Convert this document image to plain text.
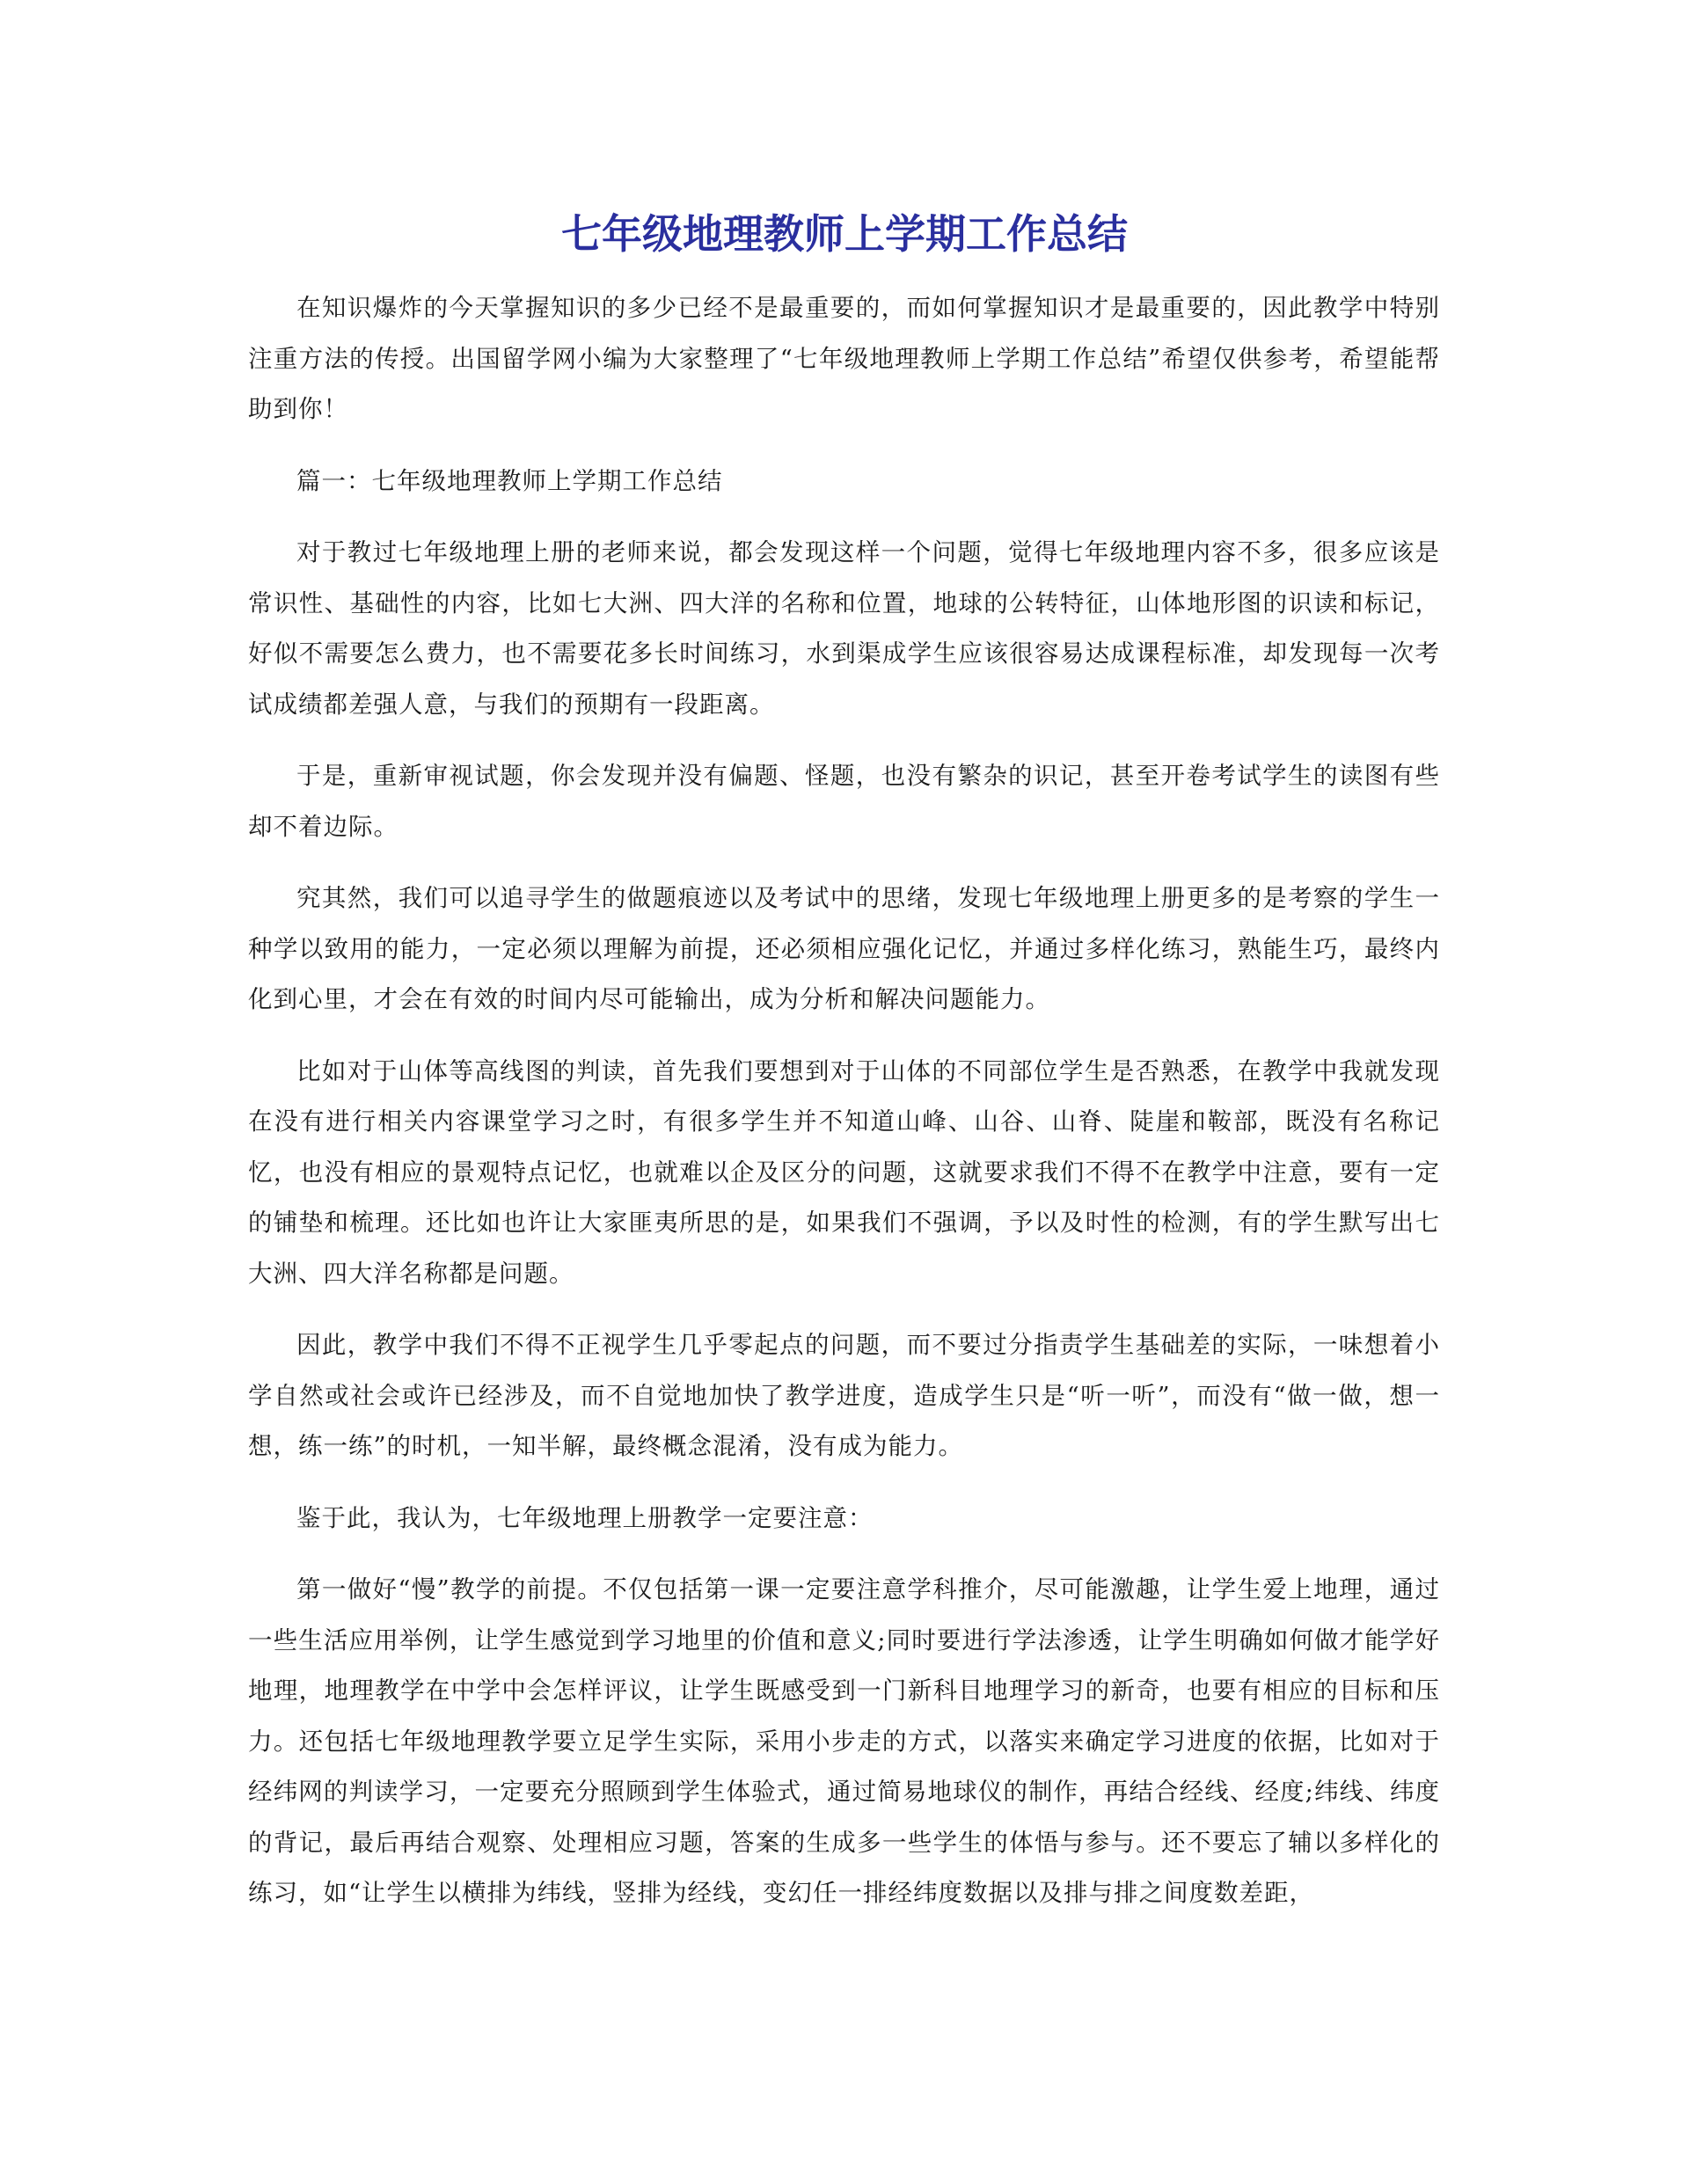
七年级地理教师上学期工作总结

在知识爆炸的今天掌握知识的多少已经不是最重要的，而如何掌握知识才是最重要的，因此教学中特别注重方法的传授。出国留学网小编为大家整理了“七年级地理教师上学期工作总结”希望仅供参考，希望能帮助到你！

篇一：七年级地理教师上学期工作总结

对于教过七年级地理上册的老师来说，都会发现这样一个问题，觉得七年级地理内容不多，很多应该是常识性、基础性的内容，比如七大洲、四大洋的名称和位置，地球的公转特征，山体地形图的识读和标记，好似不需要怎么费力，也不需要花多长时间练习，水到渠成学生应该很容易达成课程标准，却发现每一次考试成绩都差强人意，与我们的预期有一段距离。

于是，重新审视试题，你会发现并没有偏题、怪题，也没有繁杂的识记，甚至开卷考试学生的读图有些却不着边际。

究其然，我们可以追寻学生的做题痕迹以及考试中的思绪，发现七年级地理上册更多的是考察的学生一种学以致用的能力，一定必须以理解为前提，还必须相应强化记忆，并通过多样化练习，熟能生巧，最终内化到心里，才会在有效的时间内尽可能输出，成为分析和解决问题能力。

比如对于山体等高线图的判读，首先我们要想到对于山体的不同部位学生是否熟悉，在教学中我就发现在没有进行相关内容课堂学习之时，有很多学生并不知道山峰、山谷、山脊、陡崖和鞍部，既没有名称记忆，也没有相应的景观特点记忆，也就难以企及区分的问题，这就要求我们不得不在教学中注意，要有一定的铺垫和梳理。还比如也许让大家匪夷所思的是，如果我们不强调，予以及时性的检测，有的学生默写出七大洲、四大洋名称都是问题。

因此，教学中我们不得不正视学生几乎零起点的问题，而不要过分指责学生基础差的实际，一味想着小学自然或社会或许已经涉及，而不自觉地加快了教学进度，造成学生只是“听一听”，而没有“做一做，想一想，练一练”的时机，一知半解，最终概念混淆，没有成为能力。

鉴于此，我认为，七年级地理上册教学一定要注意：

第一做好“慢”教学的前提。不仅包括第一课一定要注意学科推介，尽可能激趣，让学生爱上地理，通过一些生活应用举例，让学生感觉到学习地里的价值和意义;同时要进行学法渗透，让学生明确如何做才能学好地理，地理教学在中学中会怎样评议，让学生既感受到一门新科目地理学习的新奇，也要有相应的目标和压力。还包括七年级地理教学要立足学生实际，采用小步走的方式，以落实来确定学习进度的依据，比如对于经纬网的判读学习，一定要充分照顾到学生体验式，通过简易地球仪的制作，再结合经线、经度;纬线、纬度的背记，最后再结合观察、处理相应习题，答案的生成多一些学生的体悟与参与。还不要忘了辅以多样化的练习，如“让学生以横排为纬线，竖排为经线，变幻任一排经纬度数据以及排与排之间度数差距，
